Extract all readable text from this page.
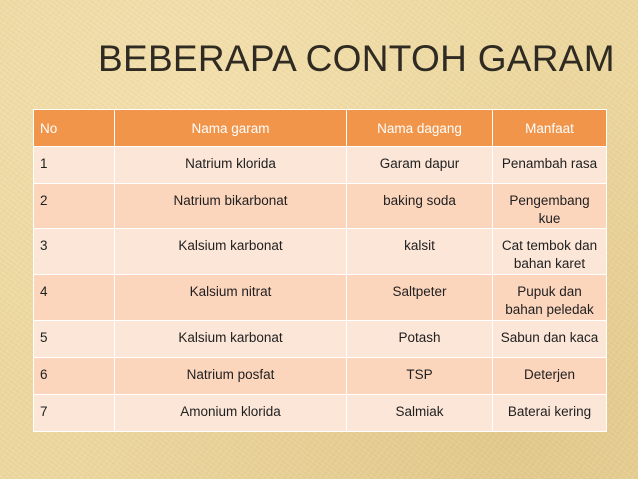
BEBERAPA CONTOH GARAM
No	Nama garam	Nama dagang	Manfaat
1	Natrium klorida	Garam dapur	Penambah rasa
2	Natrium bikarbonat	baking soda	Pengembang kue
3	Kalsium karbonat	kalsit	Cat tembok dan bahan karet
4	Kalsium nitrat	Saltpeter	Pupuk dan bahan peledak
5	Kalsium karbonat	Potash	Sabun dan kaca
6	Natrium posfat	TSP	Deterjen
7	Amonium klorida	Salmiak	Baterai kering
